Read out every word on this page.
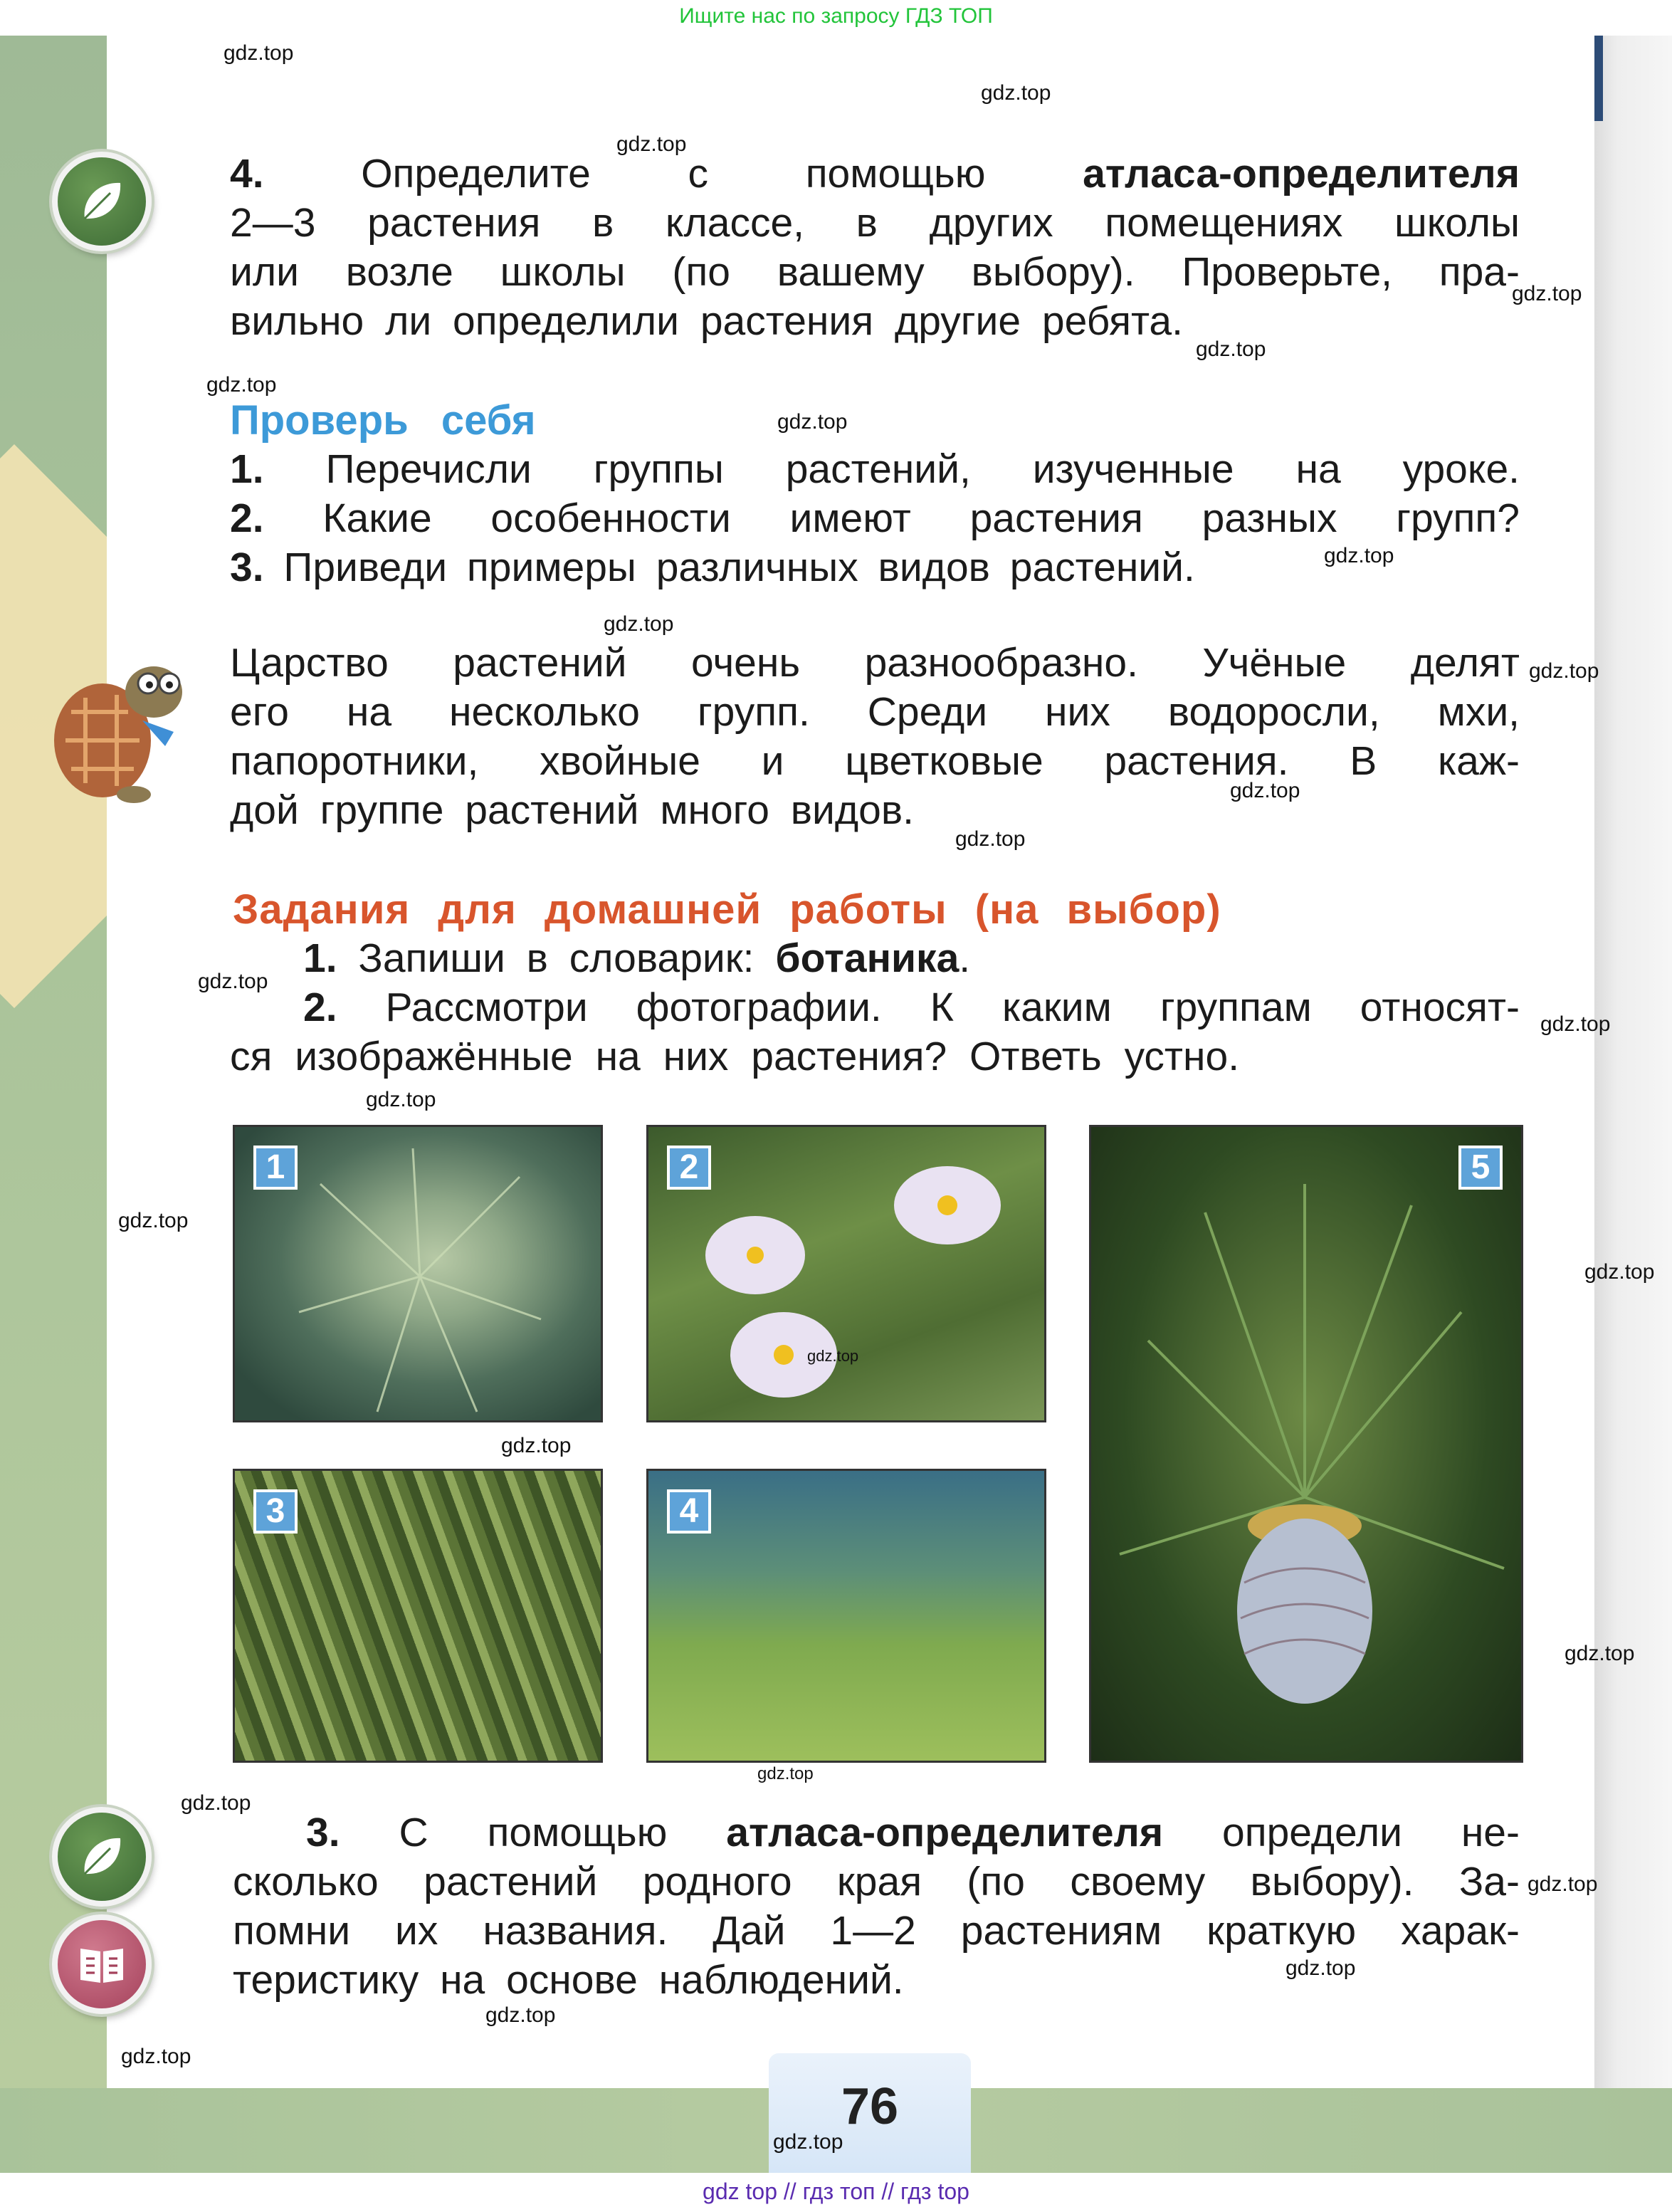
Ищите нас по запросу ГДЗ ТОП
gdz top // гдз топ // гдз top
76
4. Определите с помощью атласа-определителя
2—3 растения в классе, в других помещениях школы
или возле школы (по вашему выбору). Проверьте, пра-
вильно ли определили растения другие ребята.
Проверь себя
1. Перечисли группы растений, изученные на уроке.
2. Какие особенности имеют растения разных групп?
3. Приведи примеры различных видов растений.
Царство растений очень разнообразно. Учёные делят
его на несколько групп. Среди них водоросли, мхи,
папоротники, хвойные и цветковые растения. В каж-
дой группе растений много видов.
Задания для домашней работы (на выбор)
1. Запиши в словарик: ботаника.
2. Рассмотри фотографии. К каким группам относят-
ся изображённые на них растения? Ответь устно.
1	2
3	4
5
3. С помощью атласа-определителя определи не-
сколько растений родного края (по своему выбору). За-
помни их названия. Дай 1—2 растениям краткую харак-
теристику на основе наблюдений.
gdz.top
gdz.top
gdz.top
gdz.top
gdz.top
gdz.top
gdz.top
gdz.top
gdz.top
gdz.top
gdz.top
gdz.top
gdz.top
gdz.top
gdz.top
gdz.top
gdz.top
gdz.top
gdz.top
gdz.top
gdz.top
gdz.top
gdz.top
gdz.top
gdz.top
gdz.top
gdz.top
